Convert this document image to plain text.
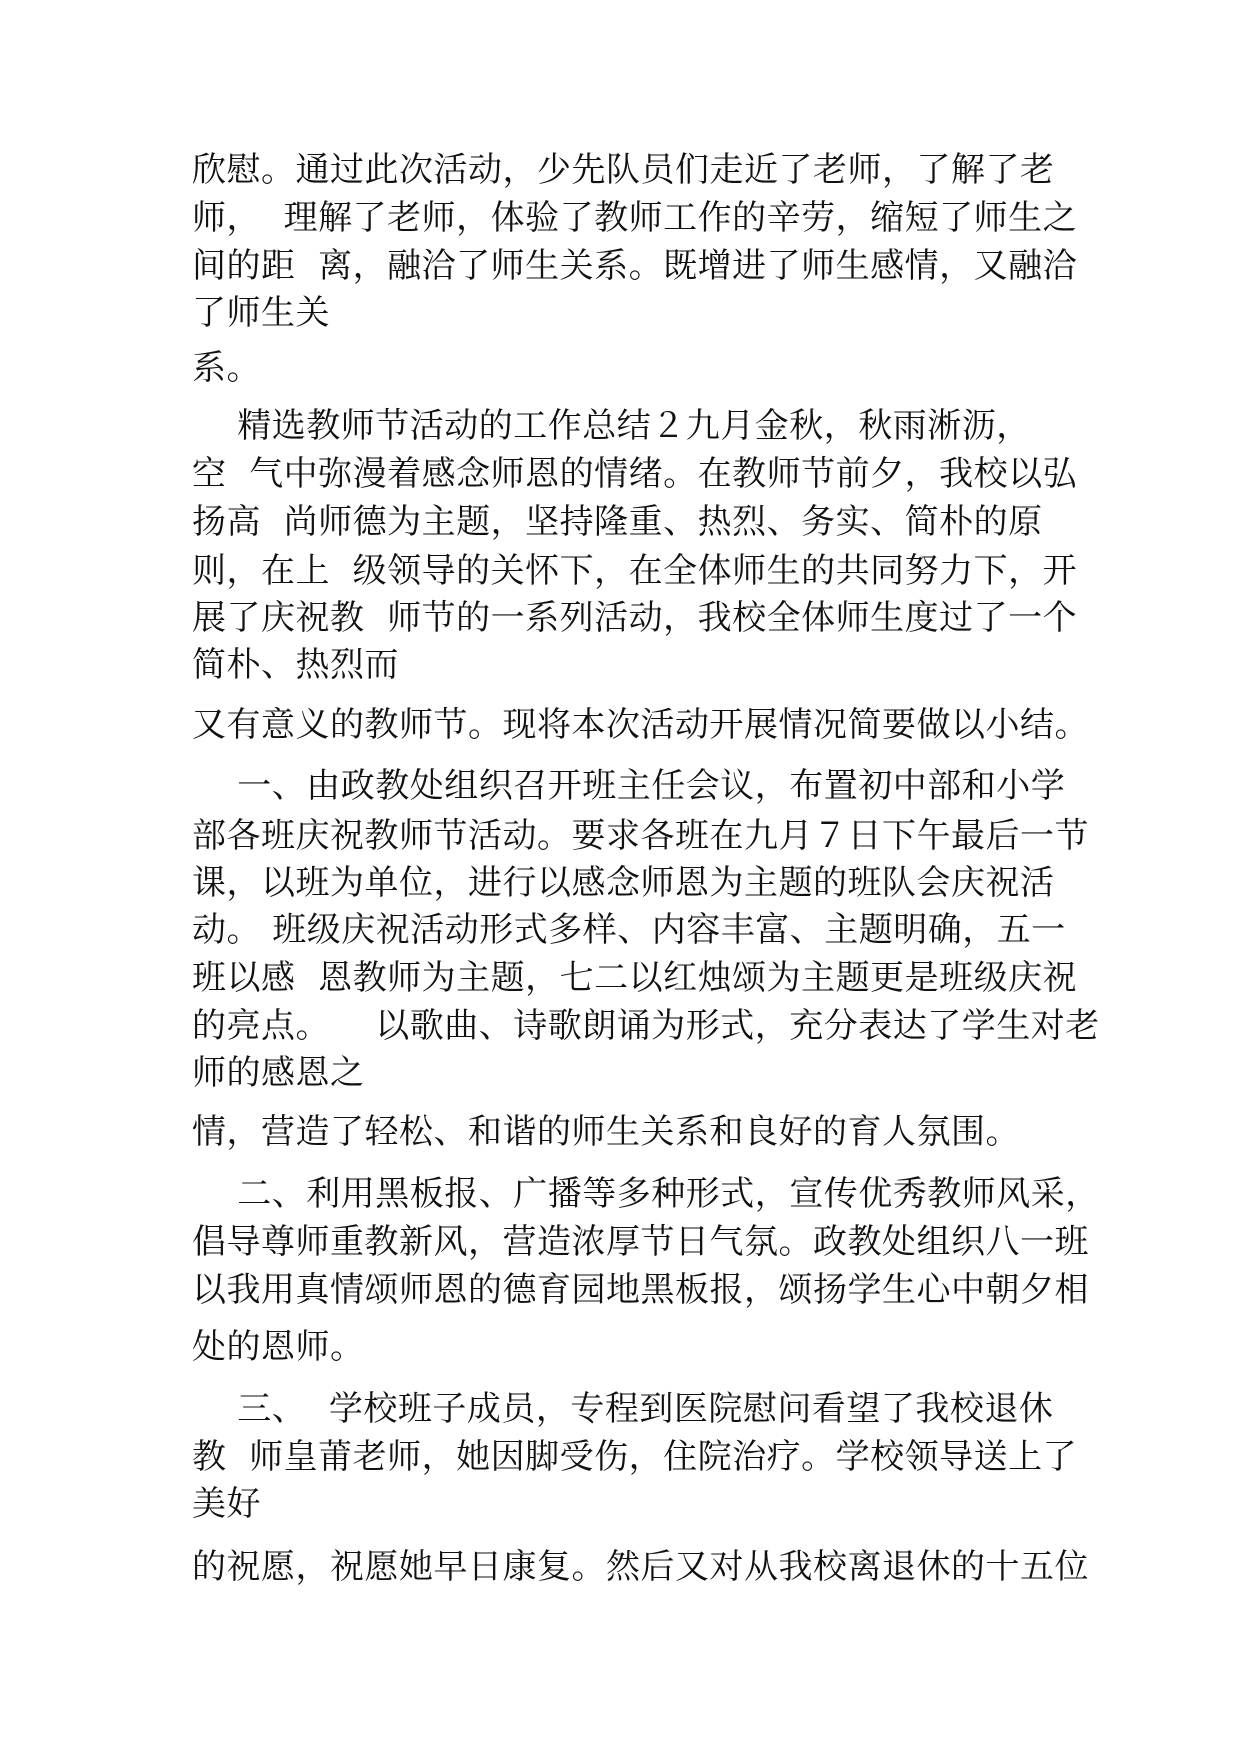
欣慰。通过此次活动，少先队员们走近了老师，了解了老
师，  理解了老师，体验了教师工作的辛劳，缩短了师生之
间的距  离，融洽了师生关系。既增进了师生感情，又融洽
了师生关
系。
精选教师节活动的工作总结２九月金秋，秋雨淅沥，
空  气中弥漫着感念师恩的情绪。在教师节前夕，我校以弘
扬高  尚师德为主题，坚持隆重、热烈、务实、简朴的原
则，在上  级领导的关怀下，在全体师生的共同努力下，开
展了庆祝教  师节的一系列活动，我校全体师生度过了一个
简朴、热烈而
又有意义的教师节。现将本次活动开展情况简要做以小结。
一、由政教处组织召开班主任会议，布置初中部和小学
部各班庆祝教师节活动。要求各班在九月７日下午最后一节
课，以班为单位，进行以感念师恩为主题的班队会庆祝活
动。 班级庆祝活动形式多样、内容丰富、主题明确，五一
班以感  恩教师为主题，七二以红烛颂为主题更是班级庆祝
的亮点。    以歌曲、诗歌朗诵为形式，充分表达了学生对老
师的感恩之
情，营造了轻松、和谐的师生关系和良好的育人氛围。
二、利用黑板报、广播等多种形式，宣传优秀教师风采，
倡导尊师重教新风，营造浓厚节日气氛。政教处组织八一班
以我用真情颂师恩的德育园地黑板报，颂扬学生心中朝夕相
处的恩师。
三、  学校班子成员，专程到医院慰问看望了我校退休
教  师皇莆老师，她因脚受伤，住院治疗。学校领导送上了
美好
的祝愿，祝愿她早日康复。然后又对从我校离退休的十五位
